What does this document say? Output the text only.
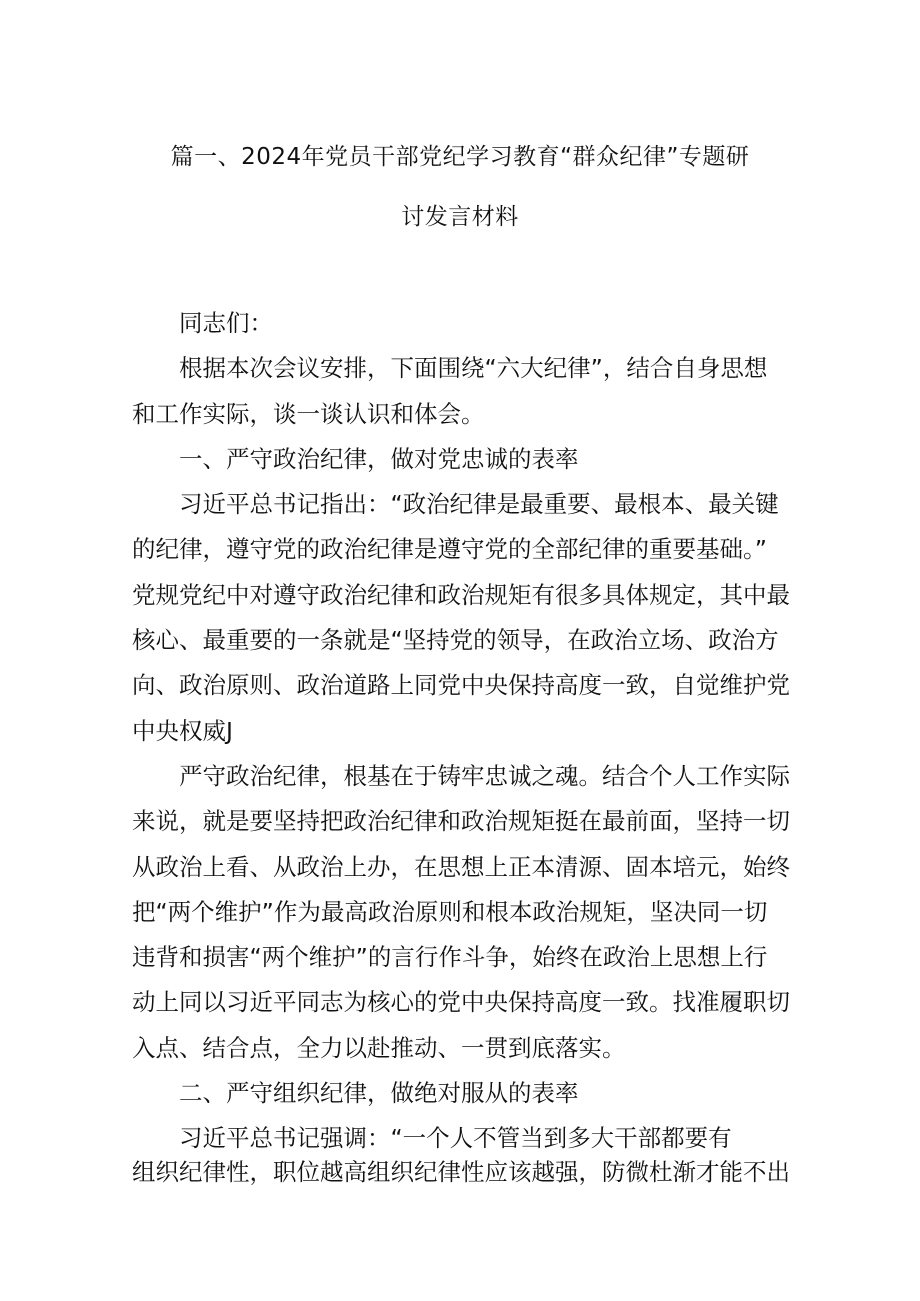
篇一、2024年党员干部党纪学习教育“群众纪律”专题研
讨发言材料
同志们：
根据本次会议安排，下面围绕“六大纪律”，结合自身思想
和工作实际，谈一谈认识和体会。
一、严守政治纪律，做对党忠诚的表率
习近平总书记指出：“政治纪律是最重要、最根本、最关键
的纪律，遵守党的政治纪律是遵守党的全部纪律的重要基础。”
党规党纪中对遵守政治纪律和政治规矩有很多具体规定，其中最
核心、最重要的一条就是“坚持党的领导，在政治立场、政治方
向、政治原则、政治道路上同党中央保持高度一致，自觉维护党
中央权威J
严守政治纪律，根基在于铸牢忠诚之魂。结合个人工作实际
来说，就是要坚持把政治纪律和政治规矩挺在最前面，坚持一切
从政治上看、从政治上办，在思想上正本清源、固本培元，始终
把“两个维护”作为最高政治原则和根本政治规矩，坚决同一切
违背和损害“两个维护”的言行作斗争，始终在政治上思想上行
动上同以习近平同志为核心的党中央保持高度一致。找准履职切
入点、结合点，全力以赴推动、一贯到底落实。
二、严守组织纪律，做绝对服从的表率
习近平总书记强调：“一个人不管当到多大干部都要有
组织纪律性，职位越高组织纪律性应该越强，防微杜渐才能不出
